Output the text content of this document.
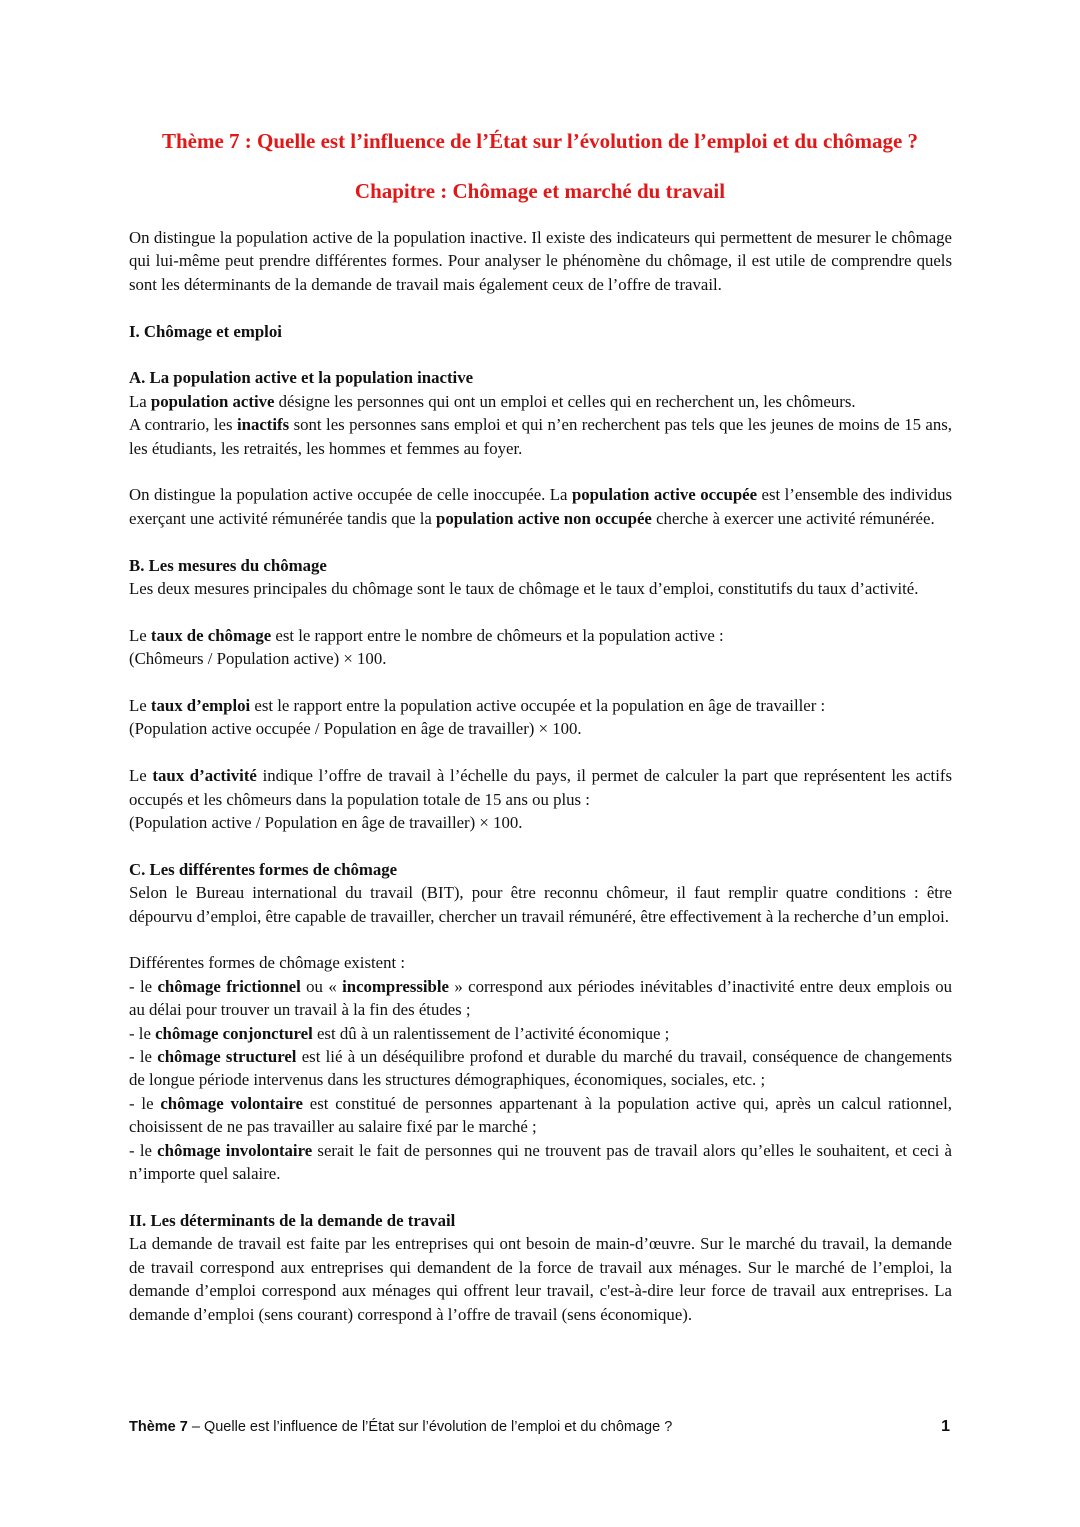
Thème 7 : Quelle est l’influence de l’État sur l’évolution de l’emploi et du chômage ?
Chapitre : Chômage et marché du travail

On distingue la population active de la population inactive. Il existe des indicateurs qui permettent de mesurer le chômage qui lui-même peut prendre différentes formes. Pour analyser le phénomène du chômage, il est utile de comprendre quels sont les déterminants de la demande de travail mais également ceux de l’offre de travail.

I. Chômage et emploi

A. La population active et la population inactive

La population active désigne les personnes qui ont un emploi et celles qui en recherchent un, les chômeurs.

A contrario, les inactifs sont les personnes sans emploi et qui n’en recherchent pas tels que les jeunes de moins de 15 ans, les étudiants, les retraités, les hommes et femmes au foyer.

On distingue la population active occupée de celle inoccupée. La population active occupée est l’ensemble des individus exerçant une activité rémunérée tandis que la population active non occupée cherche à exercer une activité rémunérée.

B. Les mesures du chômage

Les deux mesures principales du chômage sont le taux de chômage et le taux d’emploi, constitutifs du taux d’activité.

Le taux de chômage est le rapport entre le nombre de chômeurs et la population active :

(Chômeurs / Population active) × 100.

Le taux d’emploi est le rapport entre la population active occupée et la population en âge de travailler :

(Population active occupée / Population en âge de travailler) × 100.

Le taux d’activité indique l’offre de travail à l’échelle du pays, il permet de calculer la part que représentent les actifs occupés et les chômeurs dans la population totale de 15 ans ou plus :

(Population active / Population en âge de travailler) × 100.

C. Les différentes formes de chômage

Selon le Bureau international du travail (BIT), pour être reconnu chômeur, il faut remplir quatre conditions : être dépourvu d’emploi, être capable de travailler, chercher un travail rémunéré, être effectivement à la recherche d’un emploi.

Différentes formes de chômage existent :

- le chômage frictionnel ou « incompressible » correspond aux périodes inévitables d’inactivité entre deux emplois ou au délai pour trouver un travail à la fin des études ;

- le chômage conjoncturel est dû à un ralentissement de l’activité économique ;

- le chômage structurel est lié à un déséquilibre profond et durable du marché du travail, conséquence de changements de longue période intervenus dans les structures démographiques, économiques, sociales, etc. ;

- le chômage volontaire est constitué de personnes appartenant à la population active qui, après un calcul rationnel, choisissent de ne pas travailler au salaire fixé par le marché ;

- le chômage involontaire serait le fait de personnes qui ne trouvent pas de travail alors qu’elles le souhaitent, et ceci à n’importe quel salaire.

II. Les déterminants de la demande de travail

La demande de travail est faite par les entreprises qui ont besoin de main-d’œuvre. Sur le marché du travail, la demande de travail correspond aux entreprises qui demandent de la force de travail aux ménages. Sur le marché de l’emploi, la demande d’emploi correspond aux ménages qui offrent leur travail, c'est-à-dire leur force de travail aux entreprises. La demande d’emploi (sens courant) correspond à l’offre de travail (sens économique).

Thème 7 – Quelle est l’influence de l’État sur l’évolution de l’emploi et du chômage ?	1
